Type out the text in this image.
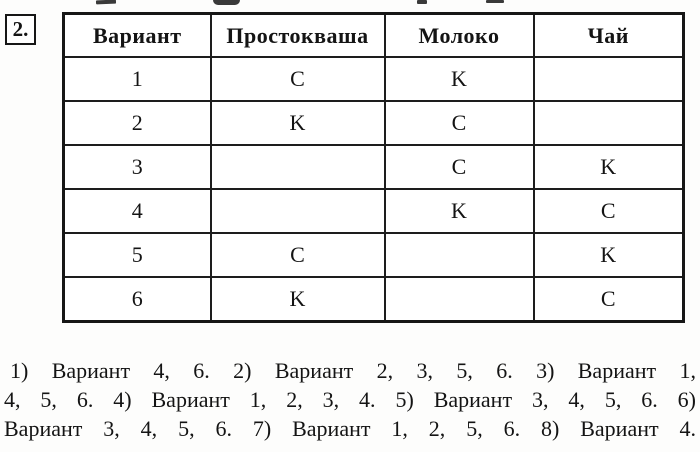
2.	Вариант	Простокваша	Молоко	Чай
1	C	K	
2	K	C	
3		C	K
4		K	C
5	C		K
6	K		C
1) Вариант 4, 6. 2) Вариант 2, 3, 5, 6. 3) Вариант 1,
4, 5, 6. 4) Вариант 1, 2, 3, 4. 5) Вариант 3, 4, 5, 6. 6)
Вариант 3, 4, 5, 6. 7) Вариант 1, 2, 5, 6. 8) Вариант 4.
